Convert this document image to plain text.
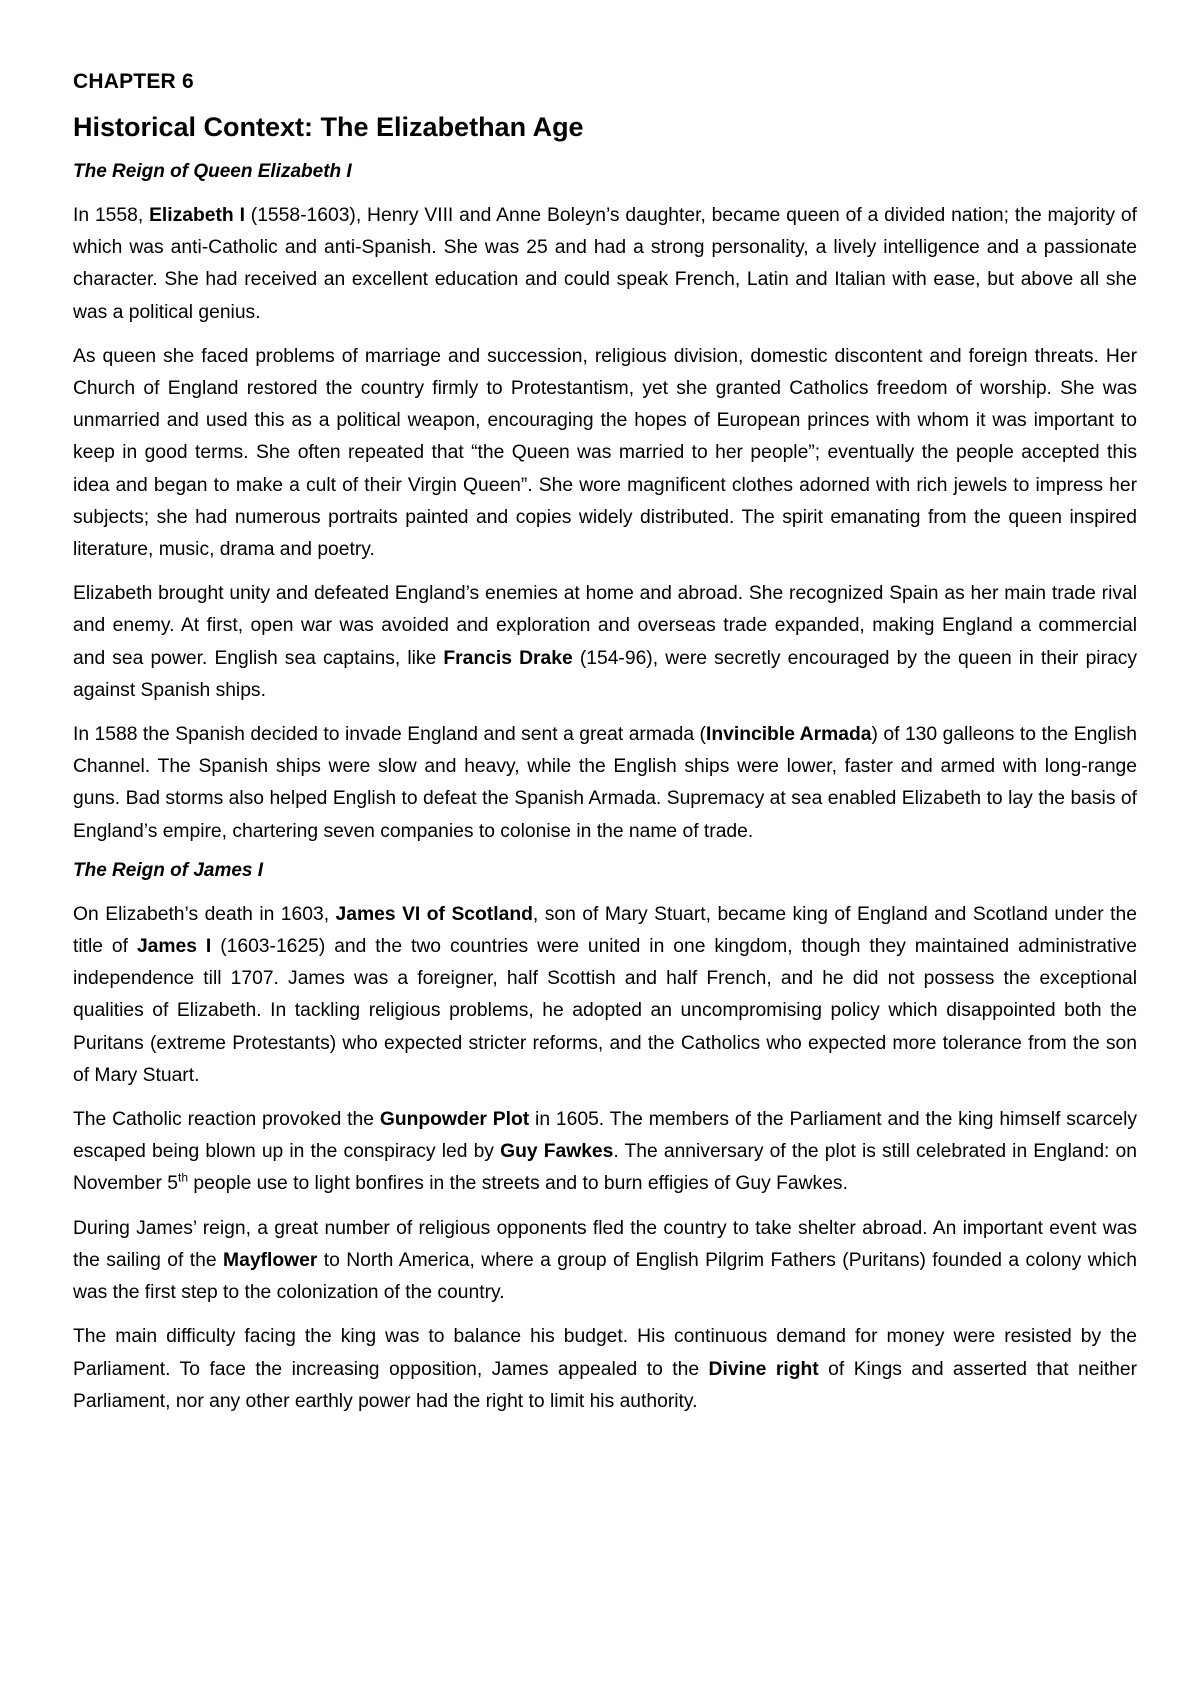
CHAPTER 6
Historical Context: The Elizabethan Age
The Reign of Queen Elizabeth I

In 1558, Elizabeth I (1558-1603), Henry VIII and Anne Boleyn’s daughter, became queen of a divided nation; the majority of which was anti-Catholic and anti-Spanish. She was 25 and had a strong personality, a lively intelligence and a passionate character. She had received an excellent education and could speak French, Latin and Italian with ease, but above all she was a political genius.

As queen she faced problems of marriage and succession, religious division, domestic discontent and foreign threats. Her Church of England restored the country firmly to Protestantism, yet she granted Catholics freedom of worship. She was unmarried and used this as a political weapon, encouraging the hopes of European princes with whom it was important to keep in good terms. She often repeated that “the Queen was married to her people”; eventually the people accepted this idea and began to make a cult of their Virgin Queen”. She wore magnificent clothes adorned with rich jewels to impress her subjects; she had numerous portraits painted and copies widely distributed. The spirit emanating from the queen inspired literature, music, drama and poetry.

Elizabeth brought unity and defeated England’s enemies at home and abroad. She recognized Spain as her main trade rival and enemy. At first, open war was avoided and exploration and overseas trade expanded, making England a commercial and sea power. English sea captains, like Francis Drake (154-96), were secretly encouraged by the queen in their piracy against Spanish ships.

In 1588 the Spanish decided to invade England and sent a great armada (Invincible Armada) of 130 galleons to the English Channel. The Spanish ships were slow and heavy, while the English ships were lower, faster and armed with long-range guns. Bad storms also helped English to defeat the Spanish Armada. Supremacy at sea enabled Elizabeth to lay the basis of England’s empire, chartering seven companies to colonise in the name of trade.

The Reign of James I

On Elizabeth’s death in 1603, James VI of Scotland, son of Mary Stuart, became king of England and Scotland under the title of James I (1603-1625) and the two countries were united in one kingdom, though they maintained administrative independence till 1707. James was a foreigner, half Scottish and half French, and he did not possess the exceptional qualities of Elizabeth. In tackling religious problems, he adopted an uncompromising policy which disappointed both the Puritans (extreme Protestants) who expected stricter reforms, and the Catholics who expected more tolerance from the son of Mary Stuart.

The Catholic reaction provoked the Gunpowder Plot in 1605. The members of the Parliament and the king himself scarcely escaped being blown up in the conspiracy led by Guy Fawkes. The anniversary of the plot is still celebrated in England: on November 5th people use to light bonfires in the streets and to burn effigies of Guy Fawkes.

During James’ reign, a great number of religious opponents fled the country to take shelter abroad. An important event was the sailing of the Mayflower to North America, where a group of English Pilgrim Fathers (Puritans) founded a colony which was the first step to the colonization of the country.

The main difficulty facing the king was to balance his budget. His continuous demand for money were resisted by the Parliament. To face the increasing opposition, James appealed to the Divine right of Kings and asserted that neither Parliament, nor any other earthly power had the right to limit his authority.
